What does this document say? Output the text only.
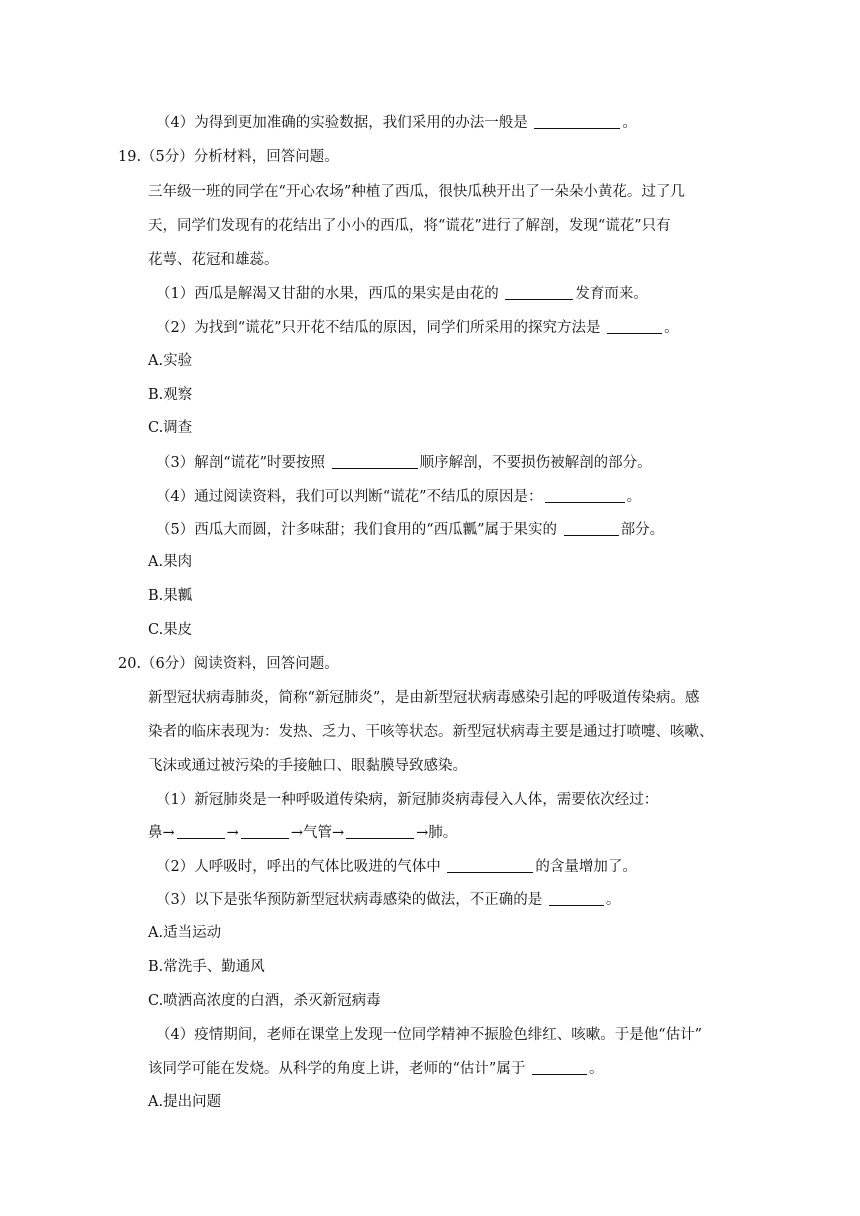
（4）为得到更加准确的实验数据，我们采用的办法一般是	。
19.（5分）分析材料，回答问题。
三年级一班的同学在“开心农场”种植了西瓜，很快瓜秧开出了一朵朵小黄花。过了几
天，同学们发现有的花结出了小小的西瓜，将“谎花”进行了解剖，发现“谎花”只有
花萼、花冠和雄蕊。
（1）西瓜是解渴又甘甜的水果，西瓜的果实是由花的	发育而来。
（2）为找到“谎花”只开花不结瓜的原因，同学们所采用的探究方法是	。
A.实验
B.观察
C.调查
（3）解剖“谎花”时要按照	顺序解剖，不要损伤被解剖的部分。
（4）通过阅读资料，我们可以判断“谎花”不结瓜的原因是：	。
（5）西瓜大而圆，汁多味甜；我们食用的“西瓜瓤”属于果实的	部分。
A.果肉
B.果瓤
C.果皮
20.（6分）阅读资料，回答问题。
新型冠状病毒肺炎，简称“新冠肺炎”，是由新型冠状病毒感染引起的呼吸道传染病。感
染者的临床表现为：发热、乏力、干咳等状态。新型冠状病毒主要是通过打喷嚏、咳嗽、
飞沫或通过被污染的手接触口、眼黏膜导致感染。
（1）新冠肺炎是一种呼吸道传染病，新冠肺炎病毒侵入人体，需要依次经过：
鼻→	→	→气管→	→肺。
（2）人呼吸时，呼出的气体比吸进的气体中	的含量增加了。
（3）以下是张华预防新型冠状病毒感染的做法，不正确的是	。
A.适当运动
B.常洗手、勤通风
C.喷洒高浓度的白酒，杀灭新冠病毒
（4）疫情期间，老师在课堂上发现一位同学精神不振脸色绯红、咳嗽。于是他“估计”
该同学可能在发烧。从科学的角度上讲，老师的“估计”属于	。
A.提出问题
